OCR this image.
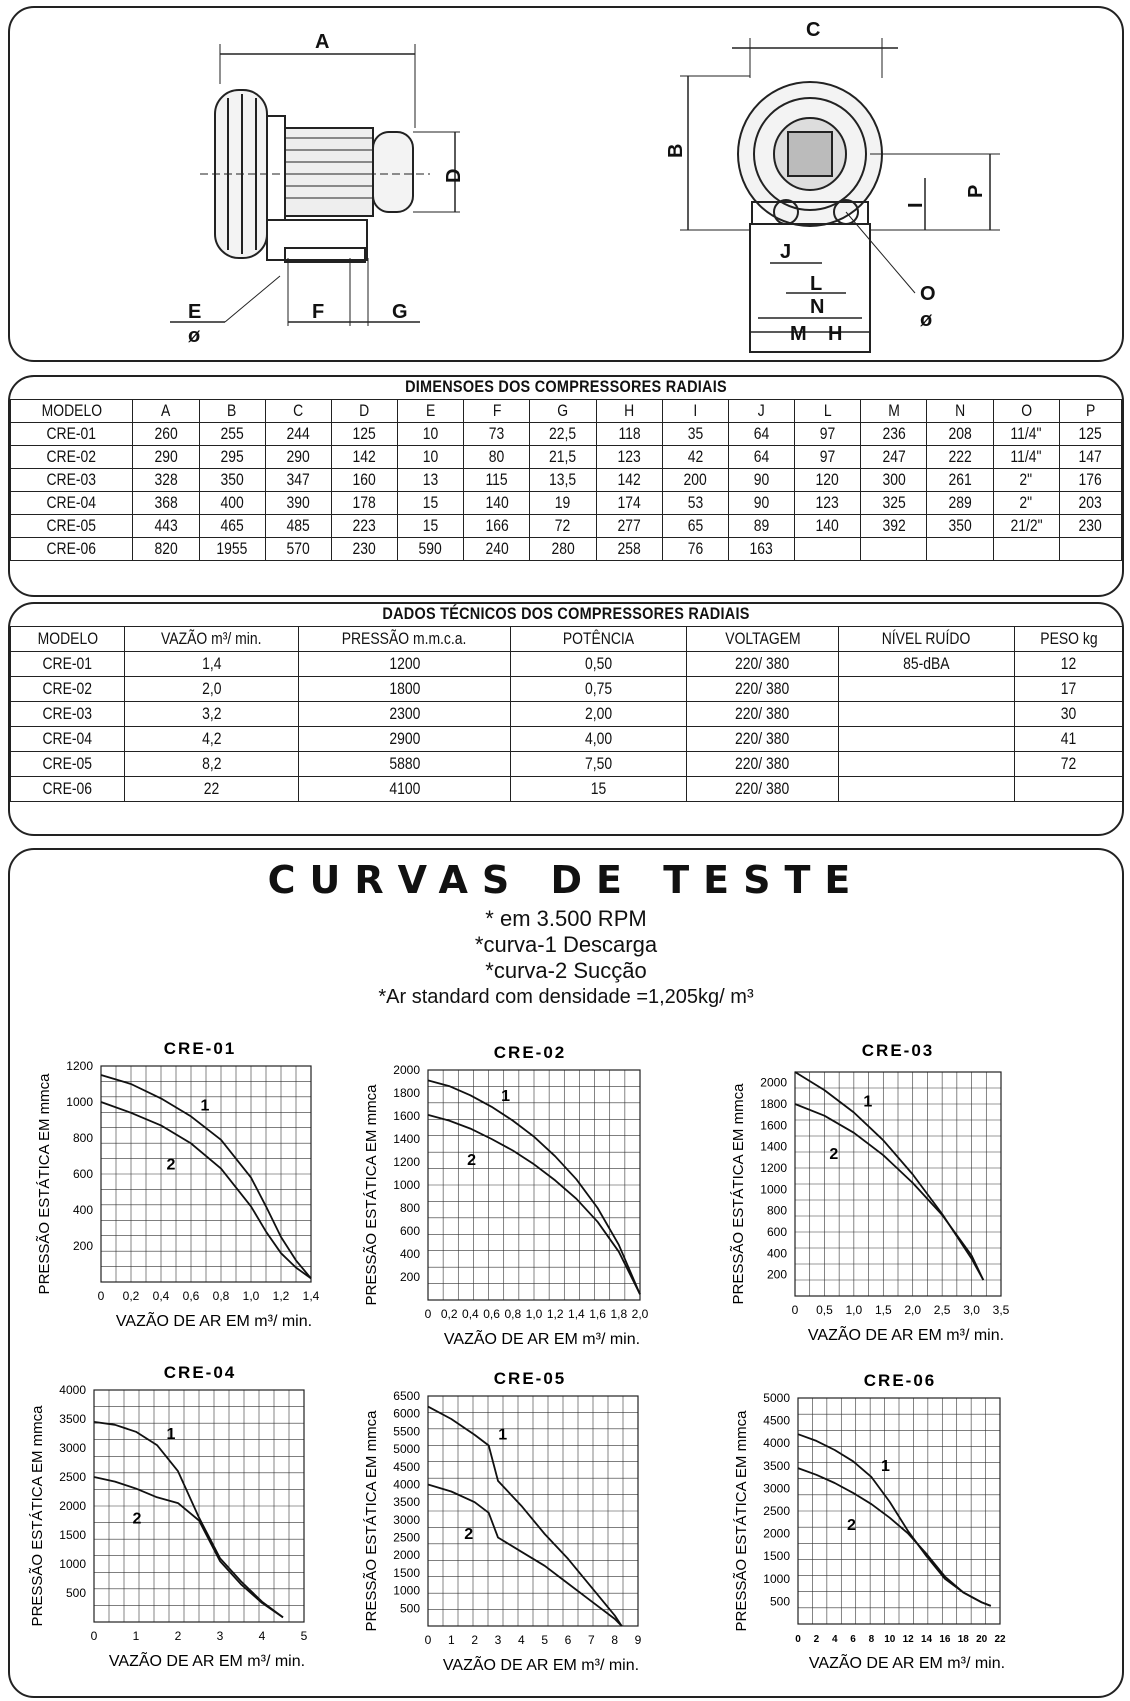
A
D
E
ø
F	G
C
B
P
I
J
L
N
M H
O
ø
DIMENSOES DOS COMPRESSORES RADIAIS
MODELO	A	B	C	D	E	F	G	H	I	J	L	M	N	O	P
CRE-01	260	255	244	125	10	73	22,5	118	35	64	97	236	208	11/4"	125
CRE-02	290	295	290	142	10	80	21,5	123	42	64	97	247	222	11/4"	147
CRE-03	328	350	347	160	13	115	13,5	142	200	90	120	300	261	2"	176
CRE-04	368	400	390	178	15	140	19	174	53	90	123	325	289	2"	203
CRE-05	443	465	485	223	15	166	72	277	65	89	140	392	350	21/2"	230
CRE-06	820	1955	570	230	590	240	280	258	76	163					
DADOS TÉCNICOS DOS COMPRESSORES RADIAIS
MODELO	VAZÃO m³/ min.	PRESSÃO m.m.c.a.	POTÊNCIA	VOLTAGEM	NÍVEL RUÍDO	PESO kg
CRE-01	1,4	1200	0,50	220/ 380	85-dBA	12
CRE-02	2,0	1800	0,75	220/ 380		17
CRE-03	3,2	2300	2,00	220/ 380		30
CRE-04	4,2	2900	4,00	220/ 380		41
CRE-05	8,2	5880	7,50	220/ 380		72
CRE-06	22	4100	15	220/ 380		
CURVAS DE TESTE
* em 3.500 RPM
*curva-1 Descarga
*curva-2 Sucção
*Ar standard com densidade =1,205kg/ m³
CRE-01
0 0,2 0,4 0,6 0,8 1,0 1,2 1,4
200
400
600
800
1000
1200
VAZÃO DE AR EM m³/ min.
PRESSÃO ESTÁTICA EM mmca	1
2
CRE-02
0 0,2 0,4 0,6 0,8 1,0 1,2 1,4 1,6 1,8 2,0
200
400
600
800
1000
1200
1400
1600
1800
2000
VAZÃO DE AR EM m³/ min.
PRESSÃO ESTÁTICA EM mmca	1
2
CRE-03
0 0,5 1,0 1,5 2,0 2,5 3,0 3,5
200
400
600
800
1000
1200
1400
1600
1800
2000
VAZÃO DE AR EM m³/ min.
PRESSÃO ESTÁTICA EM mmca	1
2
CRE-04
0	1	2	3	4	5
500
1000
1500
2000
2500
3000
3500
4000
VAZÃO DE AR EM m³/ min.
PRESSÃO ESTÁTICA EM mmca	1
2
CRE-05
0 1 2 3 4 5 6 7 8 9
500
1000
1500
2000
2500
3000
3500
4000
4500
5000
5500
6000
6500
VAZÃO DE AR EM m³/ min.
PRESSÃO ESTÁTICA EM mmca	1
2
CRE-06
0 2 4 6 8 10 12 14 16 18 20 22
500
1000
1500
2000
2500
3000
3500
4000
4500
5000
VAZÃO DE AR EM m³/ min.
PRESSÃO ESTÁTICA EM mmca	1
2
